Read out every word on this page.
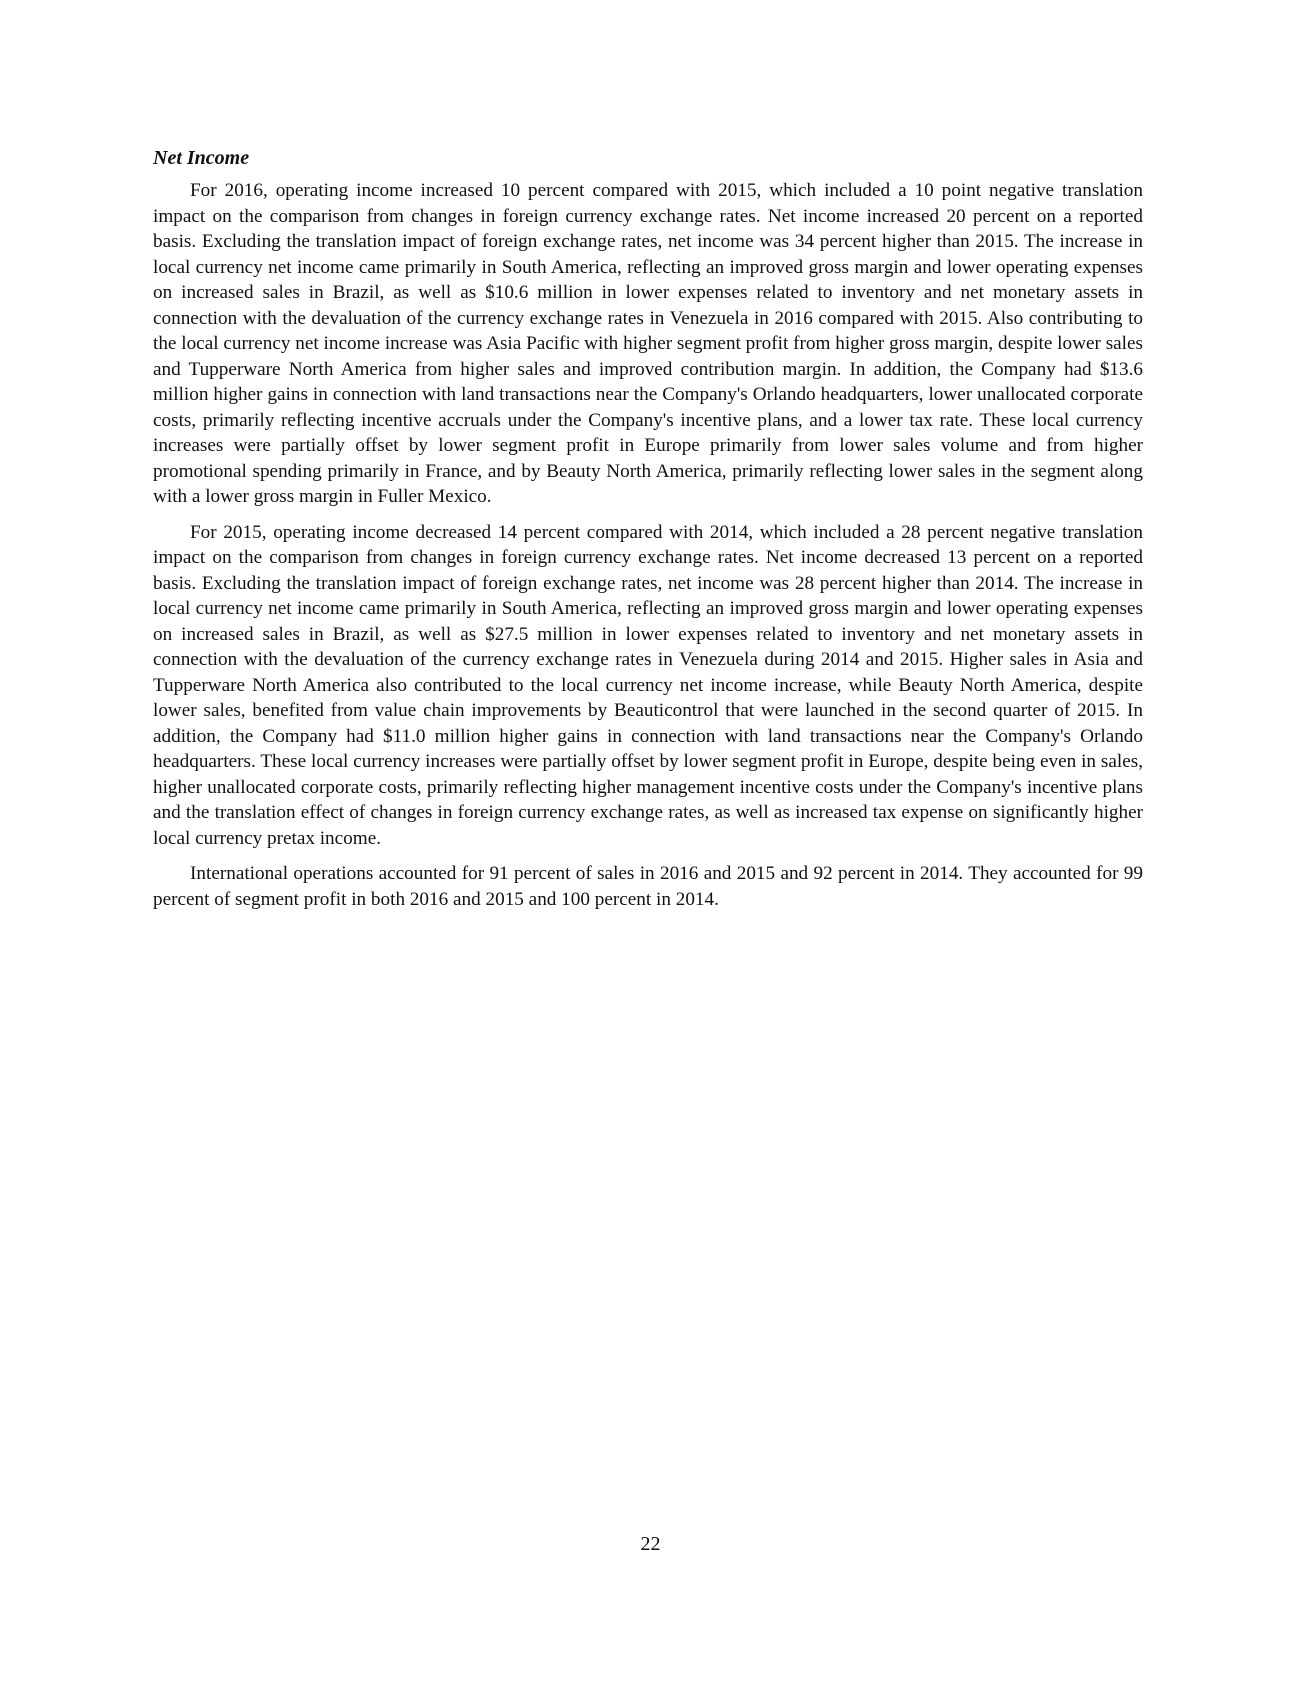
Net Income

For 2016, operating income increased 10 percent compared with 2015, which included a 10 point negative translation impact on the comparison from changes in foreign currency exchange rates. Net income increased 20 percent on a reported basis. Excluding the translation impact of foreign exchange rates, net income was 34 percent higher than 2015. The increase in local currency net income came primarily in South America, reflecting an improved gross margin and lower operating expenses on increased sales in Brazil, as well as $10.6 million in lower expenses related to inventory and net monetary assets in connection with the devaluation of the currency exchange rates in Venezuela in 2016 compared with 2015. Also contributing to the local currency net income increase was Asia Pacific with higher segment profit from higher gross margin, despite lower sales and Tupperware North America from higher sales and improved contribution margin. In addition, the Company had $13.6 million higher gains in connection with land transactions near the Company's Orlando headquarters, lower unallocated corporate costs, primarily reflecting incentive accruals under the Company's incentive plans, and a lower tax rate. These local currency increases were partially offset by lower segment profit in Europe primarily from lower sales volume and from higher promotional spending primarily in France, and by Beauty North America, primarily reflecting lower sales in the segment along with a lower gross margin in Fuller Mexico.

For 2015, operating income decreased 14 percent compared with 2014, which included a 28 percent negative translation impact on the comparison from changes in foreign currency exchange rates. Net income decreased 13 percent on a reported basis. Excluding the translation impact of foreign exchange rates, net income was 28 percent higher than 2014. The increase in local currency net income came primarily in South America, reflecting an improved gross margin and lower operating expenses on increased sales in Brazil, as well as $27.5 million in lower expenses related to inventory and net monetary assets in connection with the devaluation of the currency exchange rates in Venezuela during 2014 and 2015. Higher sales in Asia and Tupperware North America also contributed to the local currency net income increase, while Beauty North America, despite lower sales, benefited from value chain improvements by Beauticontrol that were launched in the second quarter of 2015. In addition, the Company had $11.0 million higher gains in connection with land transactions near the Company's Orlando headquarters. These local currency increases were partially offset by lower segment profit in Europe, despite being even in sales, higher unallocated corporate costs, primarily reflecting higher management incentive costs under the Company's incentive plans and the translation effect of changes in foreign currency exchange rates, as well as increased tax expense on significantly higher local currency pretax income.

International operations accounted for 91 percent of sales in 2016 and 2015 and 92 percent in 2014. They accounted for 99 percent of segment profit in both 2016 and 2015 and 100 percent in 2014.

22
